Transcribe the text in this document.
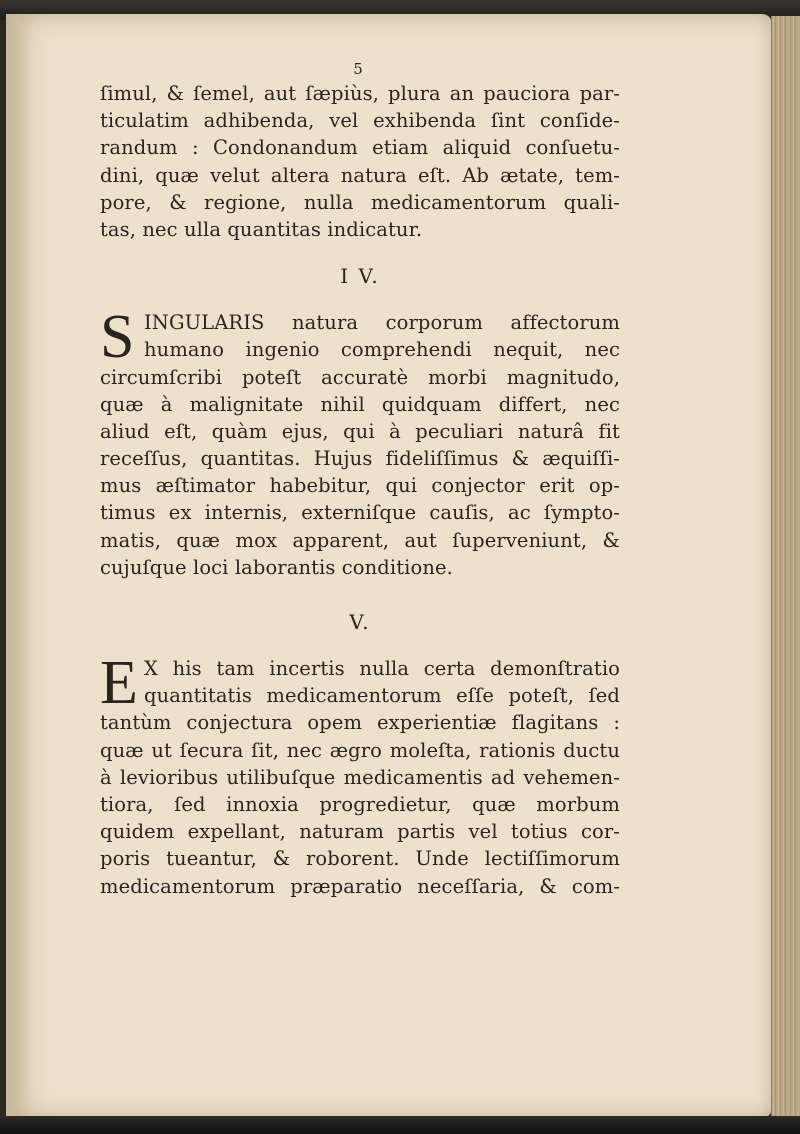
5
ſimul, & ſemel, aut ſæpiùs, plura an pauciora par-
ticulatim adhibenda, vel exhibenda ſint conſide-
randum : Condonandum etiam aliquid conſuetu-
dini, quæ velut altera natura eſt. Ab ætate, tem-
pore, & regione, nulla medicamentorum quali-
tas, nec ulla quantitas indicatur.
I V.
S INGULARIS natura corporum affectorum
humano ingenio comprehendi nequit, nec
circumſcribi poteſt accuratè morbi magnitudo,
quæ à malignitate nihil quidquam differt, nec
aliud eſt, quàm ejus, qui à peculiari naturâ fit
receſſus, quantitas. Hujus fideliſſimus & æquiſſi-
mus æſtimator habebitur, qui conjector erit op-
timus ex internis, externiſque cauſis, ac ſympto-
matis, quæ mox apparent, aut ſuperveniunt, &
cujuſque loci laborantis conditione.
V.
E X his tam incertis nulla certa demonſtratio
quantitatis medicamentorum eſſe poteſt, ſed
tantùm conjectura opem experientiæ flagitans :
quæ ut ſecura ſit, nec ægro moleſta, rationis ductu
à levioribus utilibuſque medicamentis ad vehemen-
tiora, ſed innoxia progredietur, quæ morbum
quidem expellant, naturam partis vel totius cor-
poris tueantur, & roborent. Unde lectiſſimorum
medicamentorum præparatio neceſſaria, & com-
